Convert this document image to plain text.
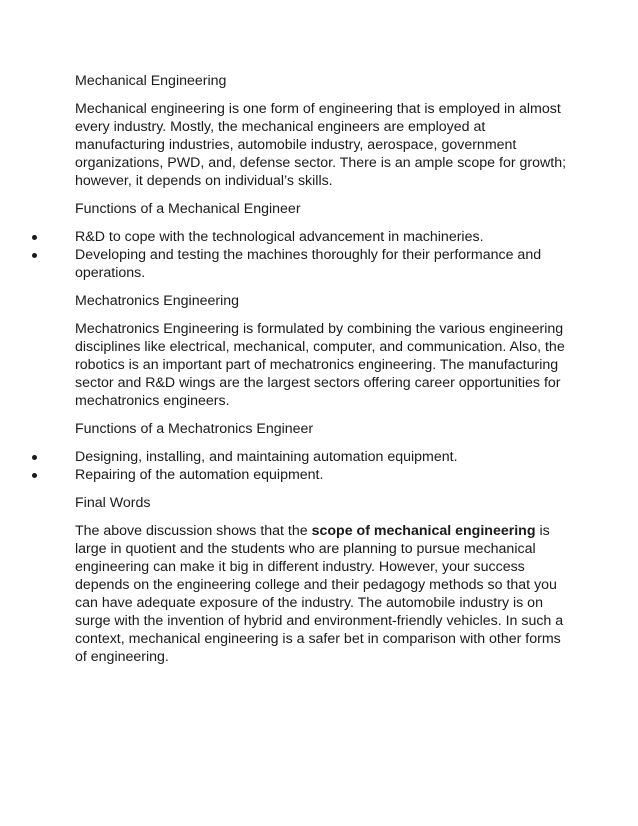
Mechanical Engineering

Mechanical engineering is one form of engineering that is employed in almost every industry. Mostly, the mechanical engineers are employed at manufacturing industries, automobile industry, aerospace, government organizations, PWD, and, defense sector. There is an ample scope for growth; however, it depends on individual’s skills.

Functions of a Mechanical Engineer

R&D to cope with the technological advancement in machineries.
Developing and testing the machines thoroughly for their performance and operations.

Mechatronics Engineering

Mechatronics Engineering is formulated by combining the various engineering disciplines like electrical, mechanical, computer, and communication. Also, the robotics is an important part of mechatronics engineering. The manufacturing sector and R&D wings are the largest sectors offering career opportunities for mechatronics engineers.

Functions of a Mechatronics Engineer

Designing, installing, and maintaining automation equipment.
Repairing of the automation equipment.

Final Words

The above discussion shows that the scope of mechanical engineering is large in quotient and the students who are planning to pursue mechanical engineering can make it big in different industry. However, your success depends on the engineering college and their pedagogy methods so that you can have adequate exposure of the industry. The automobile industry is on surge with the invention of hybrid and environment-friendly vehicles. In such a context, mechanical engineering is a safer bet in comparison with other forms of engineering.
